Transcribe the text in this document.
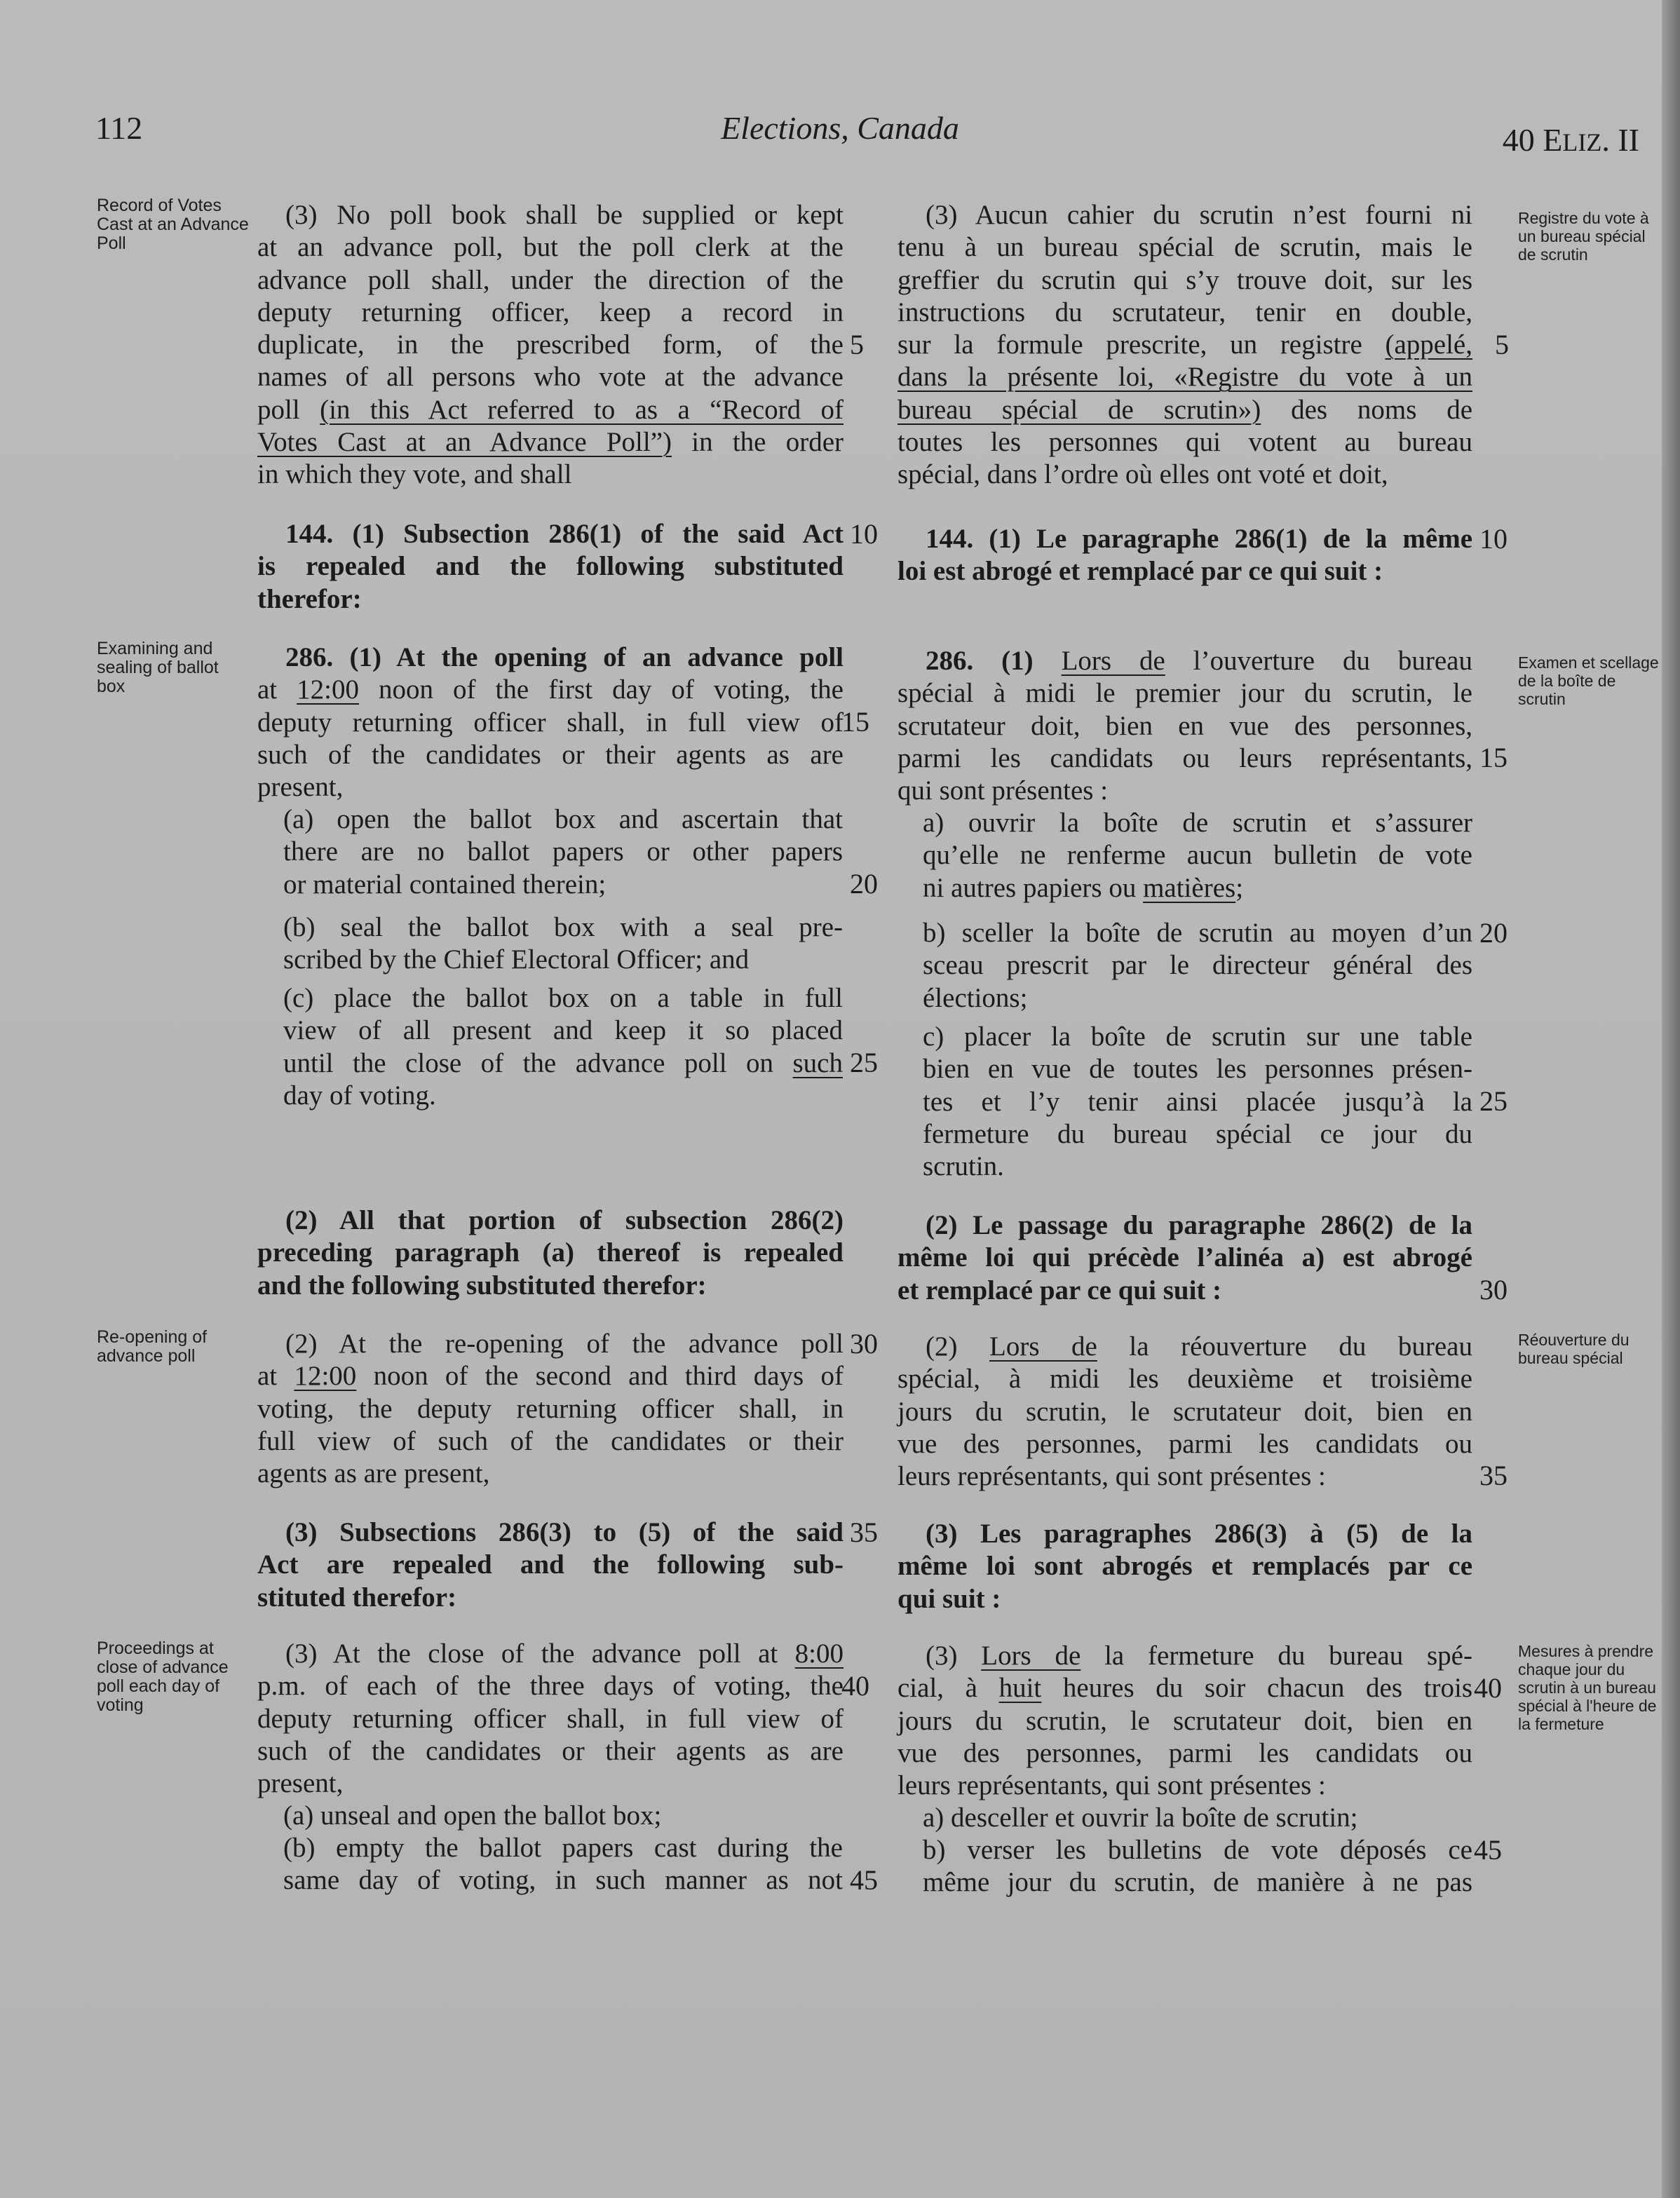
112	Elections, Canada	40 ELIZ. II
Record of Votes Cast at an Advance Poll
Examining and sealing of ballot box
Re-opening of advance poll
Proceedings at close of advance poll each day of voting
Registre du vote à un bureau spécial de scrutin
Examen et scellage de la boîte de scrutin
Réouverture du bureau spécial
Mesures à prendre chaque jour du scrutin à un bureau spécial à l'heure de la fermeture
(3) No poll book shall be supplied or kept
at an advance poll, but the poll clerk at the
advance poll shall, under the direction of the
deputy returning officer, keep a record in
duplicate, in the prescribed form, of the
names of all persons who vote at the advance
poll (in this Act referred to as a “Record of
Votes Cast at an Advance Poll”) in the order
in which they vote, and shall
144. (1) Subsection 286(1) of the said Act
is repealed and the following substituted
therefor:
286. (1) At the opening of an advance poll
at 12:00 noon of the first day of voting, the
deputy returning officer shall, in full view of
such of the candidates or their agents as are
present,
(a) open the ballot box and ascertain that
there are no ballot papers or other papers
or material contained therein;
(b) seal the ballot box with a seal pre-
scribed by the Chief Electoral Officer; and
(c) place the ballot box on a table in full
view of all present and keep it so placed
until the close of the advance poll on such
day of voting.
(2) All that portion of subsection 286(2)
preceding paragraph (a) thereof is repealed
and the following substituted therefor:
(2) At the re-opening of the advance poll
at 12:00 noon of the second and third days of
voting, the deputy returning officer shall, in
full view of such of the candidates or their
agents as are present,
(3) Subsections 286(3) to (5) of the said
Act are repealed and the following sub-
stituted therefor:
(3) At the close of the advance poll at 8:00
p.m. of each of the three days of voting, the
deputy returning officer shall, in full view of
such of the candidates or their agents as are
present,
(a) unseal and open the ballot box;
(b) empty the ballot papers cast during the
same day of voting, in such manner as not
5
10
15
20
25
30
35
40
45
(3) Aucun cahier du scrutin n’est fourni ni
tenu à un bureau spécial de scrutin, mais le
greffier du scrutin qui s’y trouve doit, sur les
instructions du scrutateur, tenir en double,
sur la formule prescrite, un registre (appelé,
dans la présente loi, «Registre du vote à un
bureau spécial de scrutin») des noms de
toutes les personnes qui votent au bureau
spécial, dans l’ordre où elles ont voté et doit,
144. (1) Le paragraphe 286(1) de la même
loi est abrogé et remplacé par ce qui suit :
286. (1) Lors de l’ouverture du bureau
spécial à midi le premier jour du scrutin, le
scrutateur doit, bien en vue des personnes,
parmi les candidats ou leurs représentants,
qui sont présentes :
a) ouvrir la boîte de scrutin et s’assurer
qu’elle ne renferme aucun bulletin de vote
ni autres papiers ou matières;
b) sceller la boîte de scrutin au moyen d’un
sceau prescrit par le directeur général des
élections;
c) placer la boîte de scrutin sur une table
bien en vue de toutes les personnes présen-
tes et l’y tenir ainsi placée jusqu’à la
fermeture du bureau spécial ce jour du
scrutin.
(2) Le passage du paragraphe 286(2) de la
même loi qui précède l’alinéa a) est abrogé
et remplacé par ce qui suit :
(2) Lors de la réouverture du bureau
spécial, à midi les deuxième et troisième
jours du scrutin, le scrutateur doit, bien en
vue des personnes, parmi les candidats ou
leurs représentants, qui sont présentes :
(3) Les paragraphes 286(3) à (5) de la
même loi sont abrogés et remplacés par ce
qui suit :
(3) Lors de la fermeture du bureau spé-
cial, à huit heures du soir chacun des trois
jours du scrutin, le scrutateur doit, bien en
vue des personnes, parmi les candidats ou
leurs représentants, qui sont présentes :
a) desceller et ouvrir la boîte de scrutin;
b) verser les bulletins de vote déposés ce
même jour du scrutin, de manière à ne pas
5
10
15
20
25
30
35
40
45
